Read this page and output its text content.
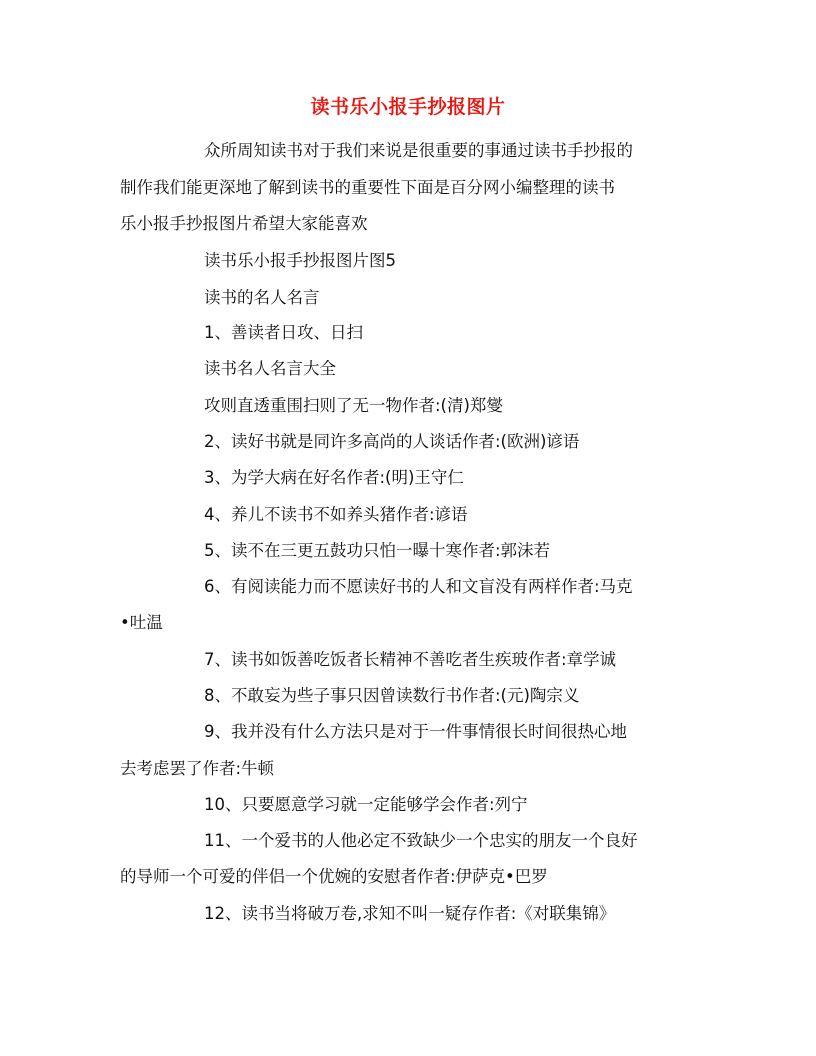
读书乐小报手抄报图片
众所周知读书对于我们来说是很重要的事通过读书手抄报的
制作我们能更深地了解到读书的重要性下面是百分网小编整理的读书
乐小报手抄报图片希望大家能喜欢
读书乐小报手抄报图片图5
读书的名人名言
1、善读者日攻、日扫
读书名人名言大全
攻则直透重围扫则了无一物作者:(清)郑燮
2、读好书就是同许多高尚的人谈话作者:(欧洲)谚语
3、为学大病在好名作者:(明)王守仁
4、养儿不读书不如养头猪作者:谚语
5、读不在三更五鼓功只怕一曝十寒作者:郭沫若
6、有阅读能力而不愿读好书的人和文盲没有两样作者:马克
•吐温
7、读书如饭善吃饭者长精神不善吃者生疾玻作者:章学诚
8、不敢妄为些子事只因曾读数行书作者:(元)陶宗义
9、我并没有什么方法只是对于一件事情很长时间很热心地
去考虑罢了作者:牛顿
10、只要愿意学习就一定能够学会作者:列宁
11、一个爱书的人他必定不致缺少一个忠实的朋友一个良好
的导师一个可爱的伴侣一个优婉的安慰者作者:伊萨克•巴罗
12、读书当将破万卷,求知不叫一疑存作者:《对联集锦》
